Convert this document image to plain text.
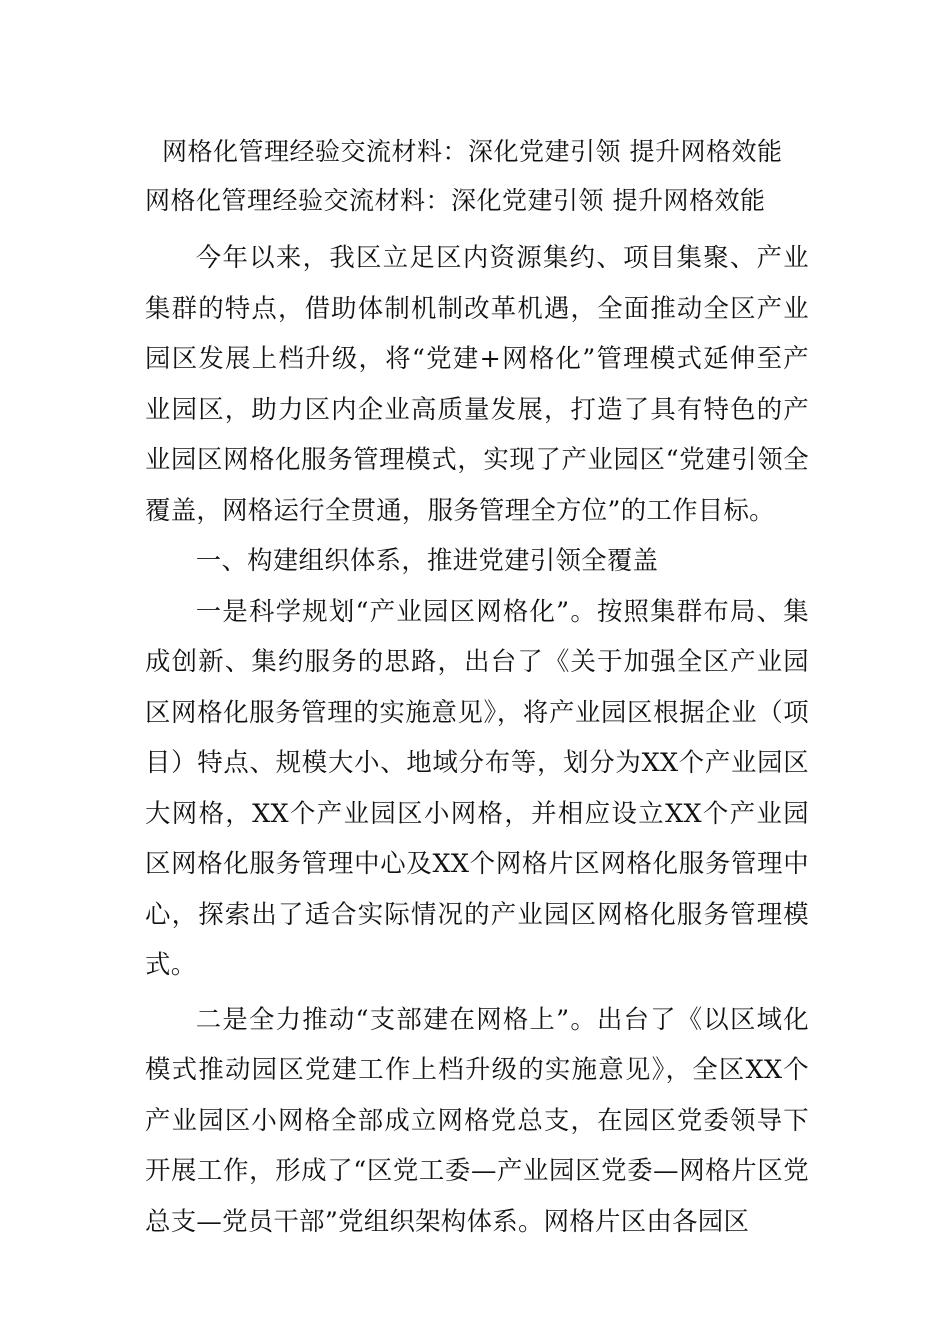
网格化管理经验交流材料：深化党建引领 提升网格效能
网格化管理经验交流材料：深化党建引领 提升网格效能

今年以来，我区立足区内资源集约、项目集聚、产业集群的特点，借助体制机制改革机遇，全面推动全区产业园区发展上档升级，将“党建+网格化”管理模式延伸至产业园区，助力区内企业高质量发展，打造了具有特色的产业园区网格化服务管理模式，实现了产业园区“党建引领全覆盖，网格运行全贯通，服务管理全方位”的工作目标。

一、构建组织体系，推进党建引领全覆盖

一是科学规划“产业园区网格化”。按照集群布局、集成创新、集约服务的思路，出台了《关于加强全区产业园区网格化服务管理的实施意见》，将产业园区根据企业（项目）特点、规模大小、地域分布等，划分为XX个产业园区大网格，XX个产业园区小网格，并相应设立XX个产业园区网格化服务管理中心及XX个网格片区网格化服务管理中心，探索出了适合实际情况的产业园区网格化服务管理模式。

二是全力推动“支部建在网格上”。出台了《以区域化模式推动园区党建工作上档升级的实施意见》，全区XX个产业园区小网格全部成立网格党总支，在园区党委领导下开展工作，形成了“区党工委—产业园区党委—网格片区党总支—党员干部”党组织架构体系。网格片区由各园区
